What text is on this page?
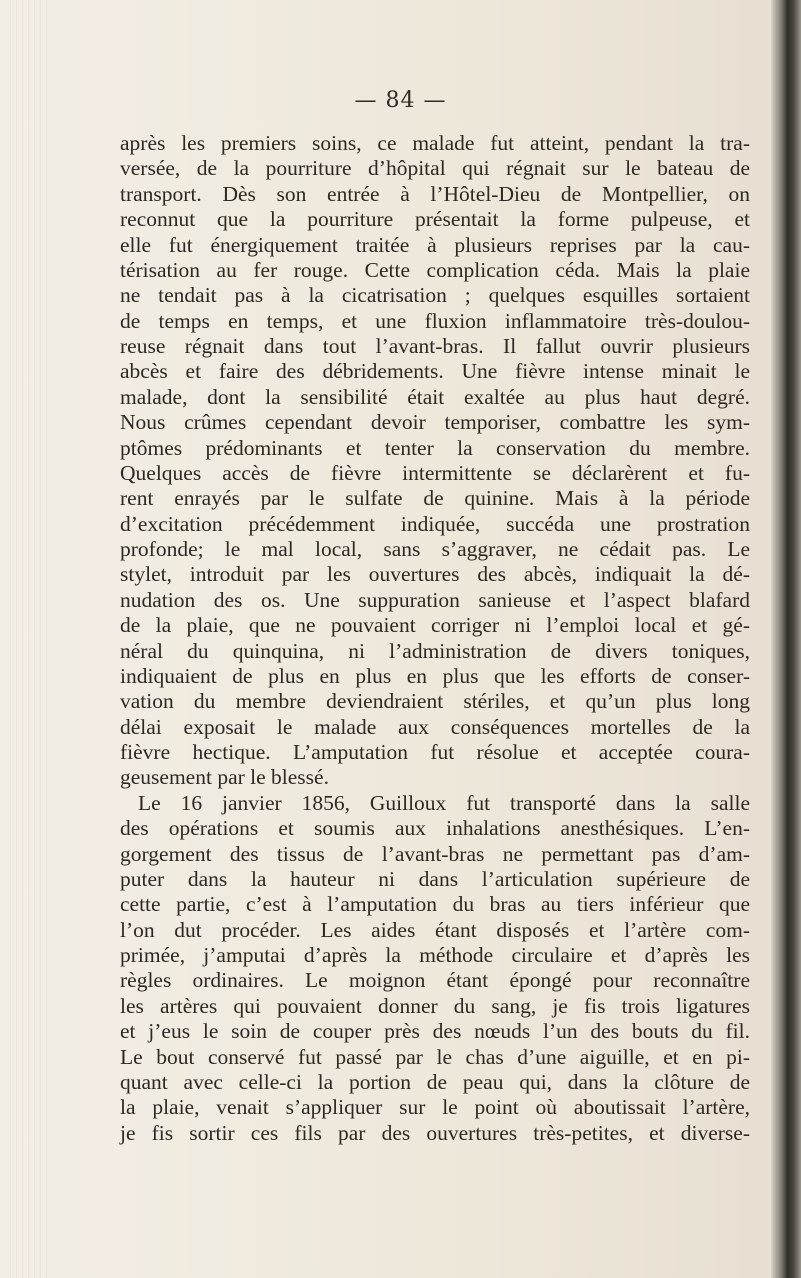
— 84 —
après les premiers soins, ce malade fut atteint, pendant la tra-
versée, de la pourriture d’hôpital qui régnait sur le bateau de
transport. Dès son entrée à l’Hôtel-Dieu de Montpellier, on
reconnut que la pourriture présentait la forme pulpeuse, et
elle fut énergiquement traitée à plusieurs reprises par la cau-
térisation au fer rouge. Cette complication céda. Mais la plaie
ne tendait pas à la cicatrisation ; quelques esquilles sortaient
de temps en temps, et une fluxion inflammatoire très-doulou-
reuse régnait dans tout l’avant-bras. Il fallut ouvrir plusieurs
abcès et faire des débridements. Une fièvre intense minait le
malade, dont la sensibilité était exaltée au plus haut degré.
Nous crûmes cependant devoir temporiser, combattre les sym-
ptômes prédominants et tenter la conservation du membre.
Quelques accès de fièvre intermittente se déclarèrent et fu-
rent enrayés par le sulfate de quinine. Mais à la période
d’excitation précédemment indiquée, succéda une prostration
profonde; le mal local, sans s’aggraver, ne cédait pas. Le
stylet, introduit par les ouvertures des abcès, indiquait la dé-
nudation des os. Une suppuration sanieuse et l’aspect blafard
de la plaie, que ne pouvaient corriger ni l’emploi local et gé-
néral du quinquina, ni l’administration de divers toniques,
indiquaient de plus en plus en plus que les efforts de conser-
vation du membre deviendraient stériles, et qu’un plus long
délai exposait le malade aux conséquences mortelles de la
fièvre hectique. L’amputation fut résolue et acceptée coura-
geusement par le blessé.
Le 16 janvier 1856, Guilloux fut transporté dans la salle
des opérations et soumis aux inhalations anesthésiques. L’en-
gorgement des tissus de l’avant-bras ne permettant pas d’am-
puter dans la hauteur ni dans l’articulation supérieure de
cette partie, c’est à l’amputation du bras au tiers inférieur que
l’on dut procéder. Les aides étant disposés et l’artère com-
primée, j’amputai d’après la méthode circulaire et d’après les
règles ordinaires. Le moignon étant épongé pour reconnaître
les artères qui pouvaient donner du sang, je fis trois ligatures
et j’eus le soin de couper près des nœuds l’un des bouts du fil.
Le bout conservé fut passé par le chas d’une aiguille, et en pi-
quant avec celle-ci la portion de peau qui, dans la clôture de
la plaie, venait s’appliquer sur le point où aboutissait l’artère,
je fis sortir ces fils par des ouvertures très-petites, et diverse-
